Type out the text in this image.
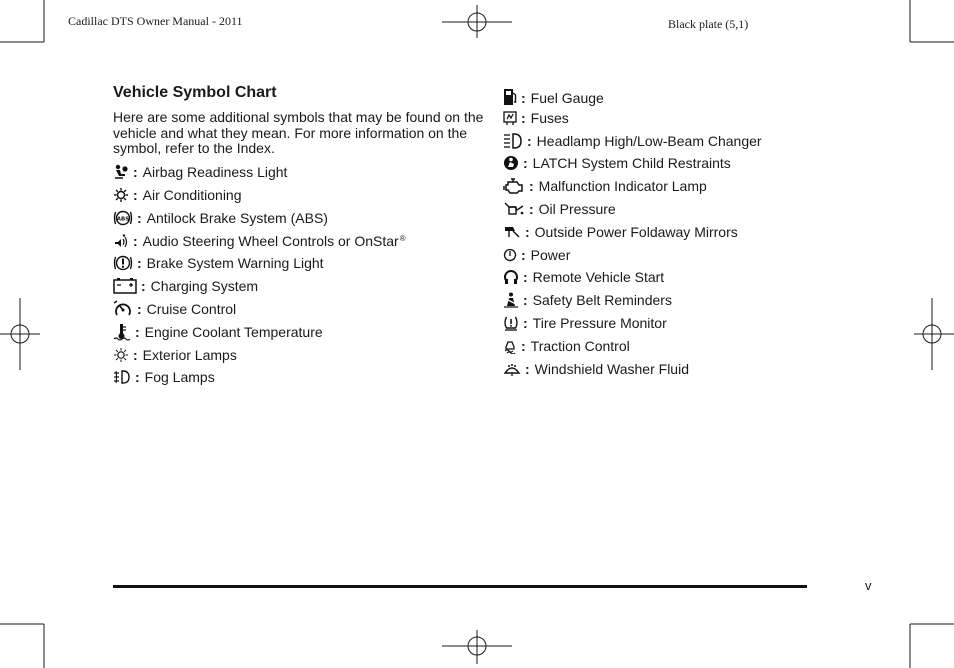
Cadillac DTS Owner Manual - 2011	Black plate (5,1)
Vehicle Symbol Chart
Here are some additional symbols that may be found on the vehicle and what they mean. For more information on the symbol, refer to the Index.
: Airbag Readiness Light
: Air Conditioning
ABS : Antilock Brake System (ABS)
: Audio Steering Wheel Controls or OnStar®
: Brake System Warning Light
: Charging System
: Cruise Control
: Engine Coolant Temperature
: Exterior Lamps
: Fog Lamps
: Fuel Gauge
: Fuses
: Headlamp High/Low-Beam Changer
: LATCH System Child Restraints
: Malfunction Indicator Lamp
: Oil Pressure
: Outside Power Foldaway Mirrors
: Power
: Remote Vehicle Start
: Safety Belt Reminders
: Tire Pressure Monitor
: Traction Control
: Windshield Washer Fluid
v
